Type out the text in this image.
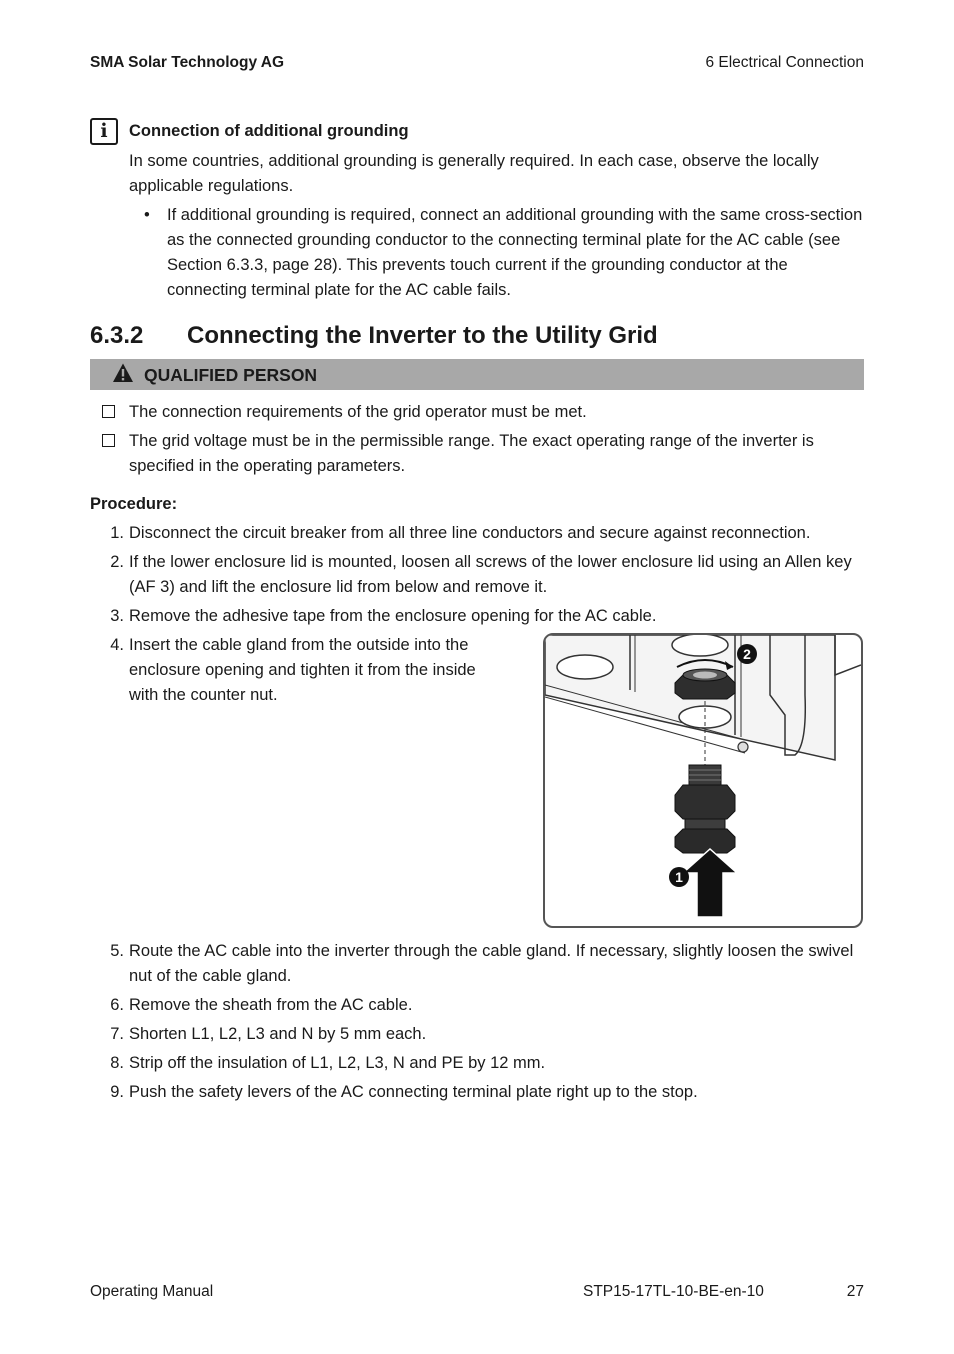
SMA Solar Technology AG	6 Electrical Connection
i	Connection of additional grounding
In some countries, additional grounding is generally required. In each case, observe the locally applicable regulations.
• If additional grounding is required, connect an additional grounding with the same cross-section as the connected grounding conductor to the connecting terminal plate for the AC cable (see Section 6.3.3, page 28). This prevents touch current if the grounding conductor at the connecting terminal plate for the AC cable fails.
6.3.2 Connecting the Inverter to the Utility Grid
QUALIFIED PERSON
The connection requirements of the grid operator must be met.
The grid voltage must be in the permissible range. The exact operating range of the inverter is specified in the operating parameters.
Procedure:
1. Disconnect the circuit breaker from all three line conductors and secure against reconnection.
2. If the lower enclosure lid is mounted, loosen all screws of the lower enclosure lid using an Allen key (AF 3) and lift the enclosure lid from below and remove it.
3. Remove the adhesive tape from the enclosure opening for the AC cable.
4. Insert the cable gland from the outside into the enclosure opening and tighten it from the inside with the counter nut.
1
2
5. Route the AC cable into the inverter through the cable gland. If necessary, slightly loosen the swivel nut of the cable gland.
6. Remove the sheath from the AC cable.
7. Shorten L1, L2, L3 and N by 5 mm each.
8. Strip off the insulation of L1, L2, L3, N and PE by 12 mm.
9. Push the safety levers of the AC connecting terminal plate right up to the stop.
Operating Manual	STP15-17TL-10-BE-en-10	27
